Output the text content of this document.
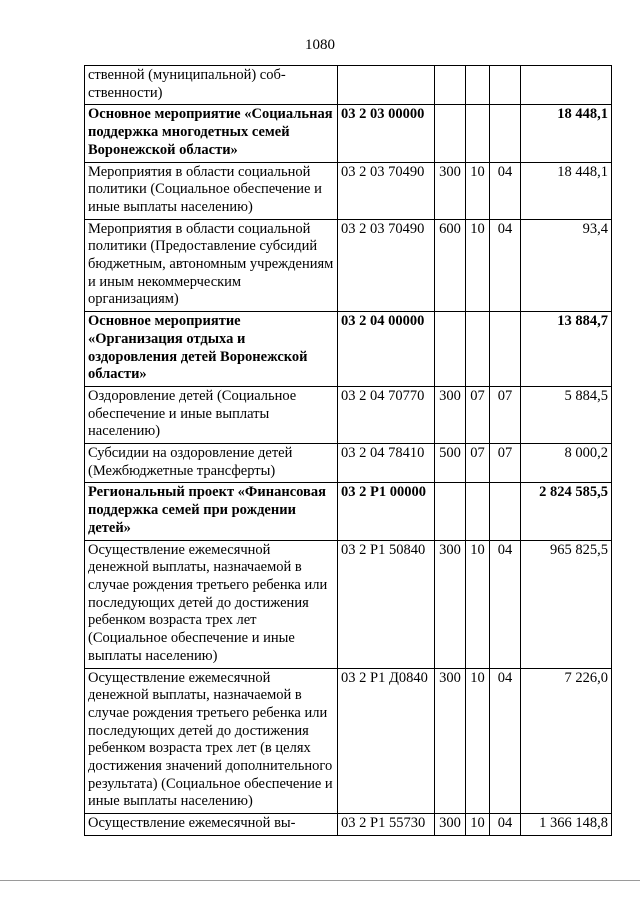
1080
ственной (муниципальной) соб-ственности)					
Основное мероприятие «Социальная поддержка многодетных семей Воронежской области»	03 2 03 00000				18 448,1
Мероприятия в области социальной политики (Социальное обеспечение и иные выплаты населению)	03 2 03 70490	300	10	04	18 448,1
Мероприятия в области социальной политики (Предоставление субсидий бюджетным, автономным учреждениям и иным некоммерческим организациям)	03 2 03 70490	600	10	04	93,4
Основное мероприятие «Организация отдыха и оздоровления детей Воронежской области»	03 2 04 00000				13 884,7
Оздоровление детей (Социальное обеспечение и иные выплаты населению)	03 2 04 70770	300	07	07	5 884,5
Субсидии на оздоровление детей (Межбюджетные трансферты)	03 2 04 78410	500	07	07	8 000,2
Региональный проект «Финансовая поддержка семей при рождении детей»	03 2 Р1 00000				2 824 585,5
Осуществление ежемесячной денежной выплаты, назначаемой в случае рождения третьего ребенка или последующих детей до достижения ребенком возраста трех лет (Социальное обеспечение и иные выплаты населению)	03 2 Р1 50840	300	10	04	965 825,5
Осуществление ежемесячной денежной выплаты, назначаемой в случае рождения третьего ребенка или последующих детей до достижения ребенком возраста трех лет (в целях достижения значений дополнительного результата) (Социальное обеспечение и иные выплаты населению)	03 2 Р1 Д0840	300	10	04	7 226,0
Осуществление ежемесячной вы-	03 2 Р1 55730	300	10	04	1 366 148,8
